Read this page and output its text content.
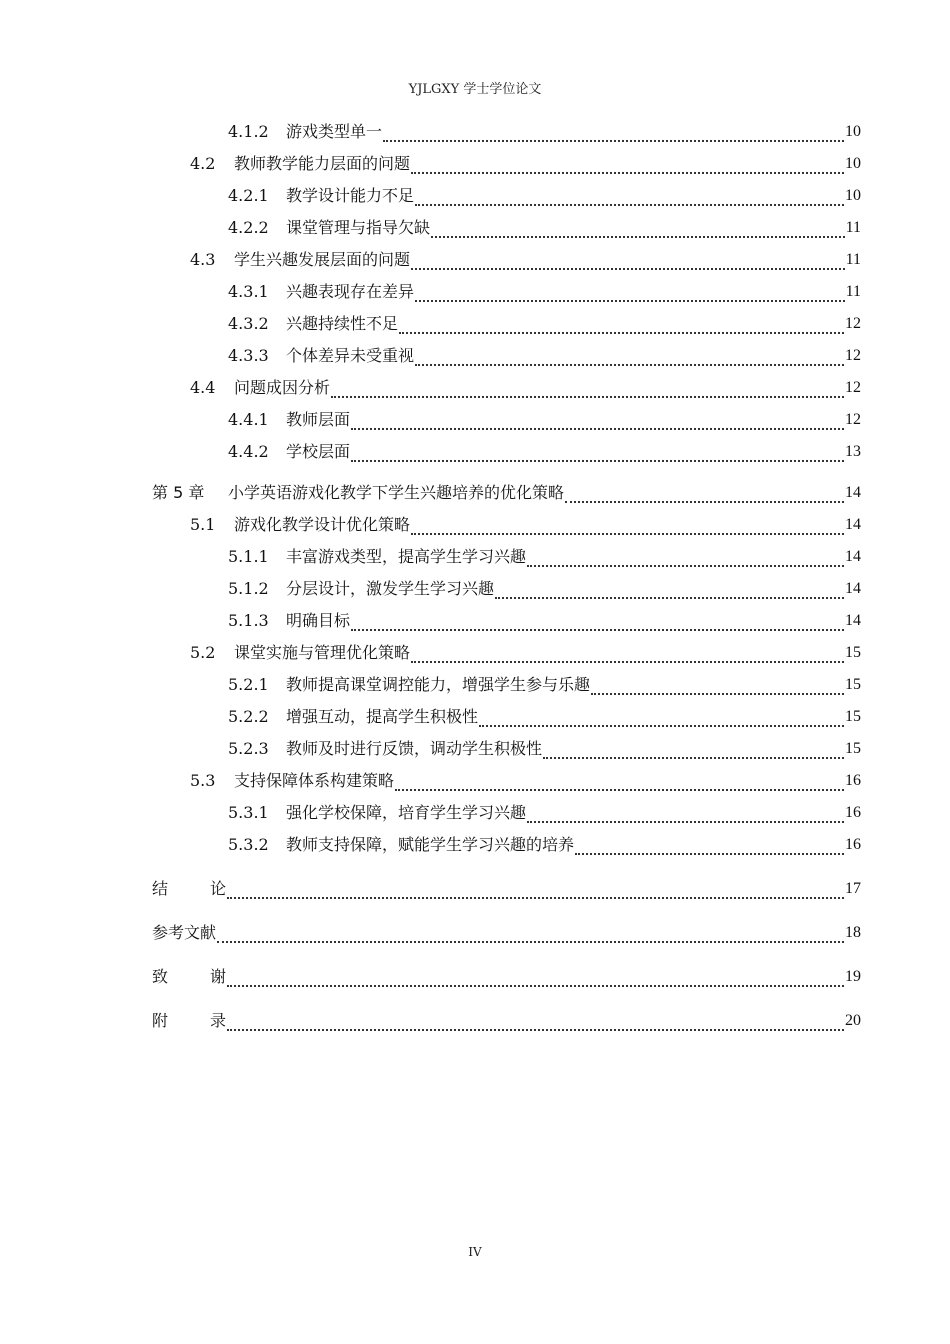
YJLGXY 学士学位论文
4.1.2	游戏类型单一	10
4.2	教师教学能力层面的问题	10
4.2.1	教学设计能力不足	10
4.2.2	课堂管理与指导欠缺	11
4.3	学生兴趣发展层面的问题	11
4.3.1	兴趣表现存在差异	11
4.3.2	兴趣持续性不足	12
4.3.3	个体差异未受重视	12
4.4	问题成因分析	12
4.4.1	教师层面	12
4.4.2	学校层面	13
第 5 章	小学英语游戏化教学下学生兴趣培养的优化策略	14
5.1	游戏化教学设计优化策略	14
5.1.1	丰富游戏类型，提高学生学习兴趣	14
5.1.2	分层设计，激发学生学习兴趣	14
5.1.3	明确目标	14
5.2	课堂实施与管理优化策略	15
5.2.1	教师提高课堂调控能力，增强学生参与乐趣	15
5.2.2	增强互动，提高学生积极性	15
5.2.3	教师及时进行反馈，调动学生积极性	15
5.3	支持保障体系构建策略	16
5.3.1	强化学校保障，培育学生学习兴趣	16
5.3.2	教师支持保障，赋能学生学习兴趣的培养	16
结论	17
参考文献	18
致谢	19
附录	20
IV
